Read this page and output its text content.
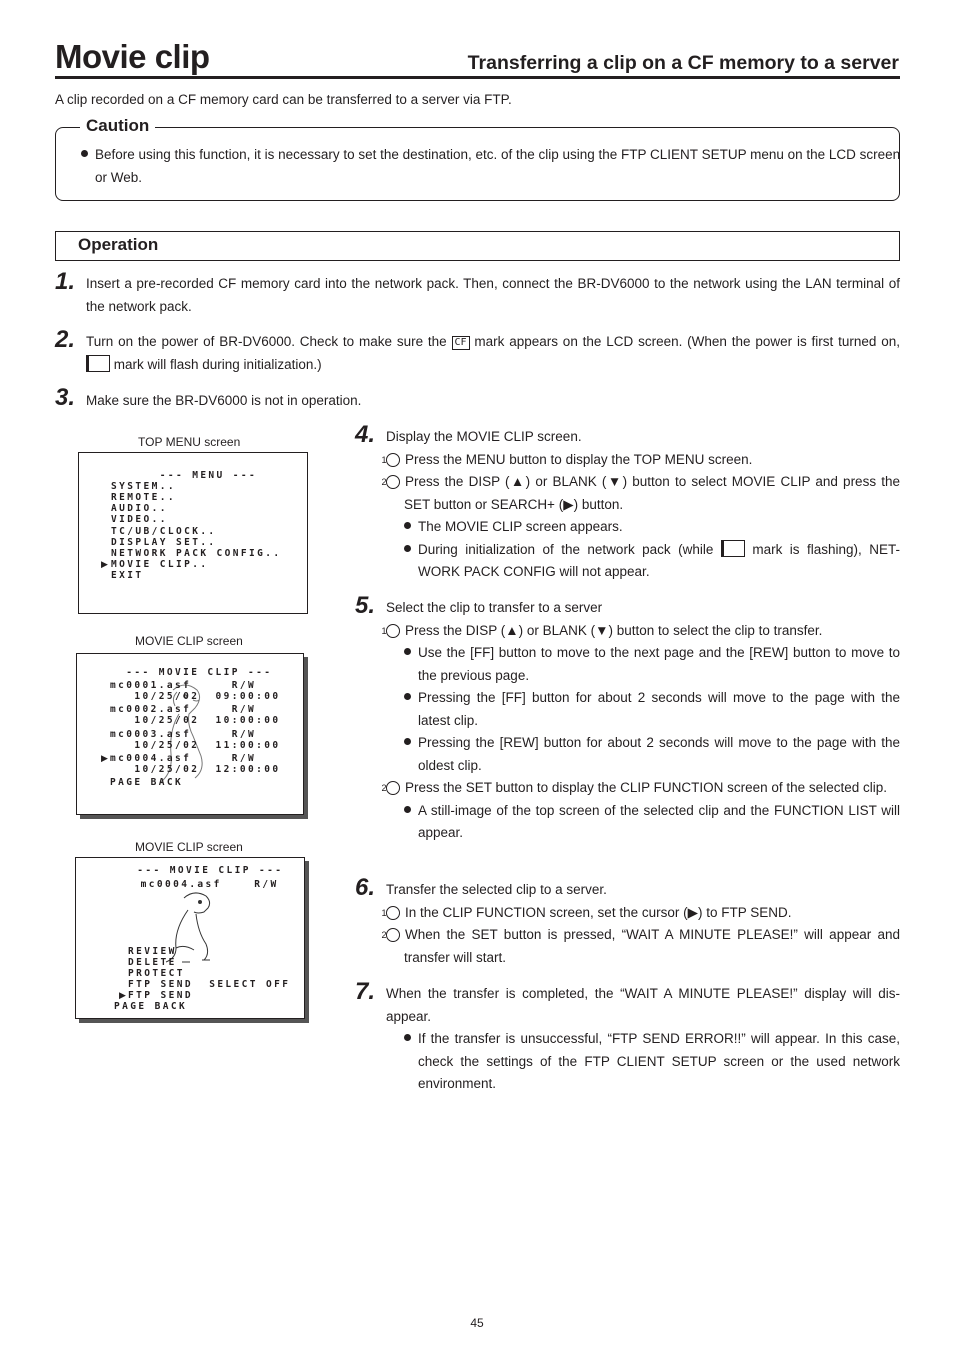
Movie clip	Transferring a clip on a CF memory to a server
A clip recorded on a CF memory card can be transferred to a server via FTP.
Caution
Before using this function, it is necessary to set the destination, etc. of the clip using the FTP CLIENT SETUP menu on the LCD screen or Web.
Operation
1. Insert a pre-recorded CF memory card into the network pack. Then, connect the BR-DV6000 to the network using the LAN terminal of the network pack.
2. Turn on the power of BR-DV6000. Check to make sure the CF mark appears on the LCD screen. (When the power is first turned on,  mark will flash during initialization.)
3. Make sure the BR-DV6000 is not in operation.
TOP MENU screen
--- MENU ---
SYSTEM..
REMOTE..
AUDIO..
VIDEO..
TC/UB/CLOCK..
DISPLAY SET..
NETWORK PACK CONFIG..
▶ MOVIE CLIP..
EXIT
MOVIE CLIP screen
--- MOVIE CLIP ---
mc0001.asf     R/W
10/25/02  09:00:00
mc0002.asf     R/W
10/25/02  10:00:00
mc0003.asf     R/W
10/25/02  11:00:00
▶ mc0004.asf     R/W
10/25/02  12:00:00
PAGE BACK
MOVIE CLIP screen
--- MOVIE CLIP ---
mc0004.asf    R/W
REVIEW
DELETE
PROTECT
FTP SEND  SELECT OFF
▶ FTP SEND
PAGE BACK
4. Display the MOVIE CLIP screen.
1 Press the MENU button to display the TOP MENU screen.
2 Press the DISP (▲) or BLANK (▼) button to select MOVIE CLIP and press the SET button or SEARCH+ (▶) button.
The MOVIE CLIP screen appears.
During initialization of the network pack (while	mark is flashing), NET-WORK PACK CONFIG will not appear.
5. Select the clip to transfer to a server
1 Press the DISP (▲) or BLANK (▼) button to select the clip to transfer.
Use the [FF] button to move to the next page and the [REW] button to move to the previous page.
Pressing the [FF] button for about 2 seconds will move to the page with the latest clip.
Pressing the [REW] button for about 2 seconds will move to the page with the oldest clip.
2 Press the SET button to display the CLIP FUNCTION screen of the selected clip.
A still-image of the top screen of the selected clip and the FUNCTION LIST will appear.
6. Transfer the selected clip to a server.
1 In the CLIP FUNCTION screen, set the cursor (▶) to FTP SEND.
2 When the SET button is pressed, “WAIT A MINUTE PLEASE!” will appear and transfer will start.
7. When the transfer is completed, the “WAIT A MINUTE PLEASE!” display will dis-appear.
If the transfer is unsuccessful, “FTP SEND ERROR!!” will appear. In this case, check the settings of the FTP CLIENT SETUP screen or the used network environment.
45
